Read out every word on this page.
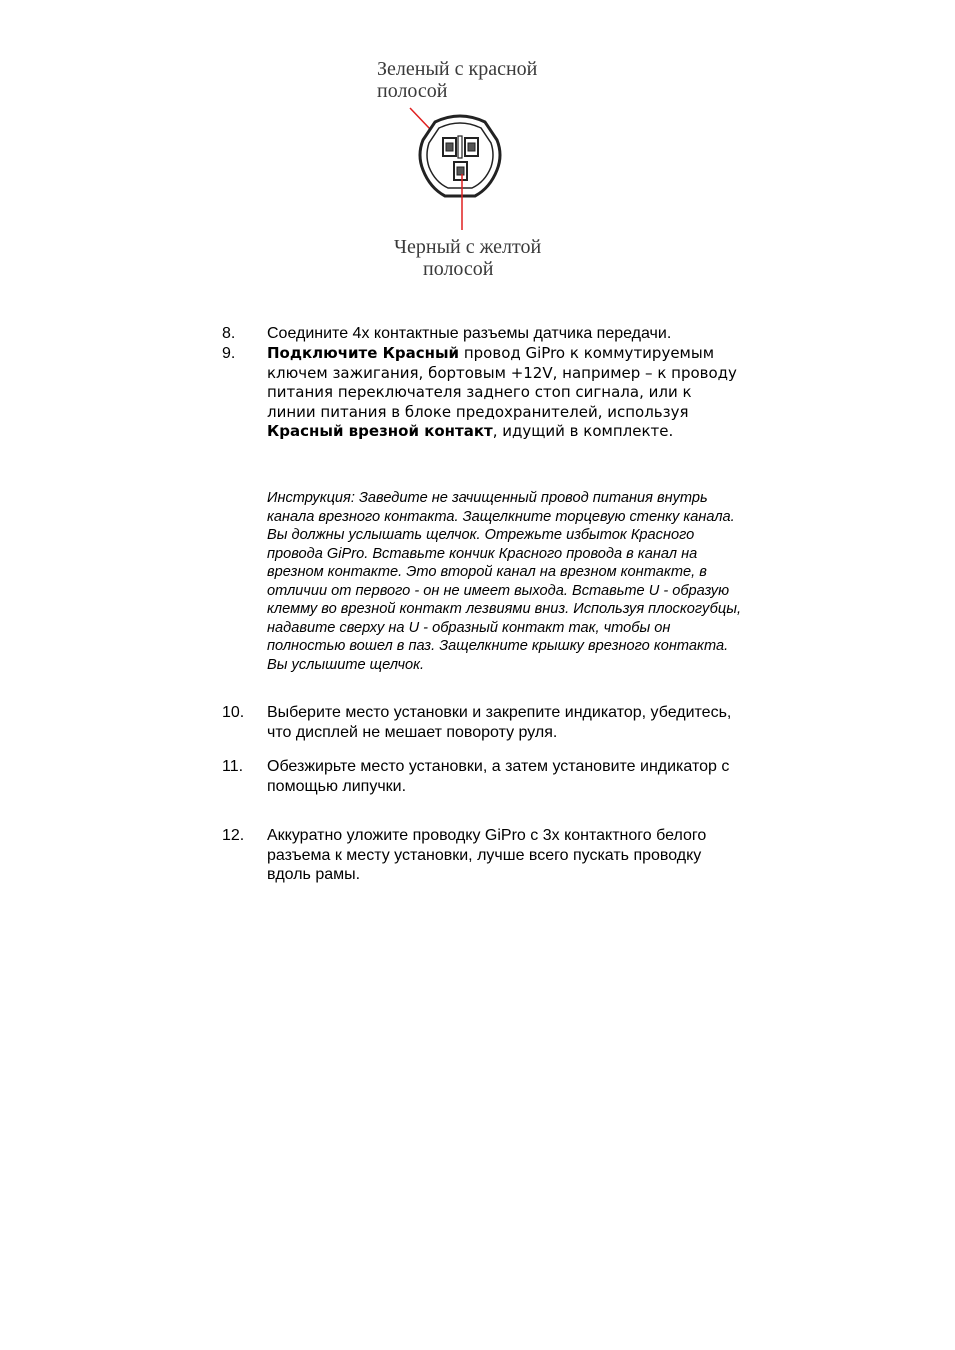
Зеленый с красной
полосой
Черный с желтой
полосой
8. Соедините 4х контактные разъемы датчика передачи.
9. Подключите Красный провод GiPro к коммутируемым ключем зажигания, бортовым +12V, например – к проводу питания переключателя заднего стоп сигнала, или к линии питания в блоке предохранителей, используя Красный врезной контакт, идущий в комплекте.
Инструкция: Заведите не зачищенный провод питания внутрь канала врезного контакта. Защелкните торцевую стенку канала. Вы должны услышать щелчок. Отрежьте избыток Красного провода GiPro. Вставьте кончик Красного провода в канал на врезном контакте. Это второй канал на врезном контакте, в отличии от первого - он не имеет выхода. Вставьте U - образую клемму во врезной контакт лезвиями вниз. Используя плоскогубцы, надавите сверху на U - образный контакт так, чтобы он полностью вошел в паз. Защелкните крышку врезного контакта. Вы услышите щелчок.
10. Выберите место установки и закрепите индикатор, убедитесь, что дисплей не мешает повороту руля.
11. Обезжирьте место установки, а затем установите индикатор с помощью липучки.
12. Аккуратно уложите проводку GiPro с 3х контактного белого разъема к месту установки, лучше всего пускать проводку вдоль рамы.
